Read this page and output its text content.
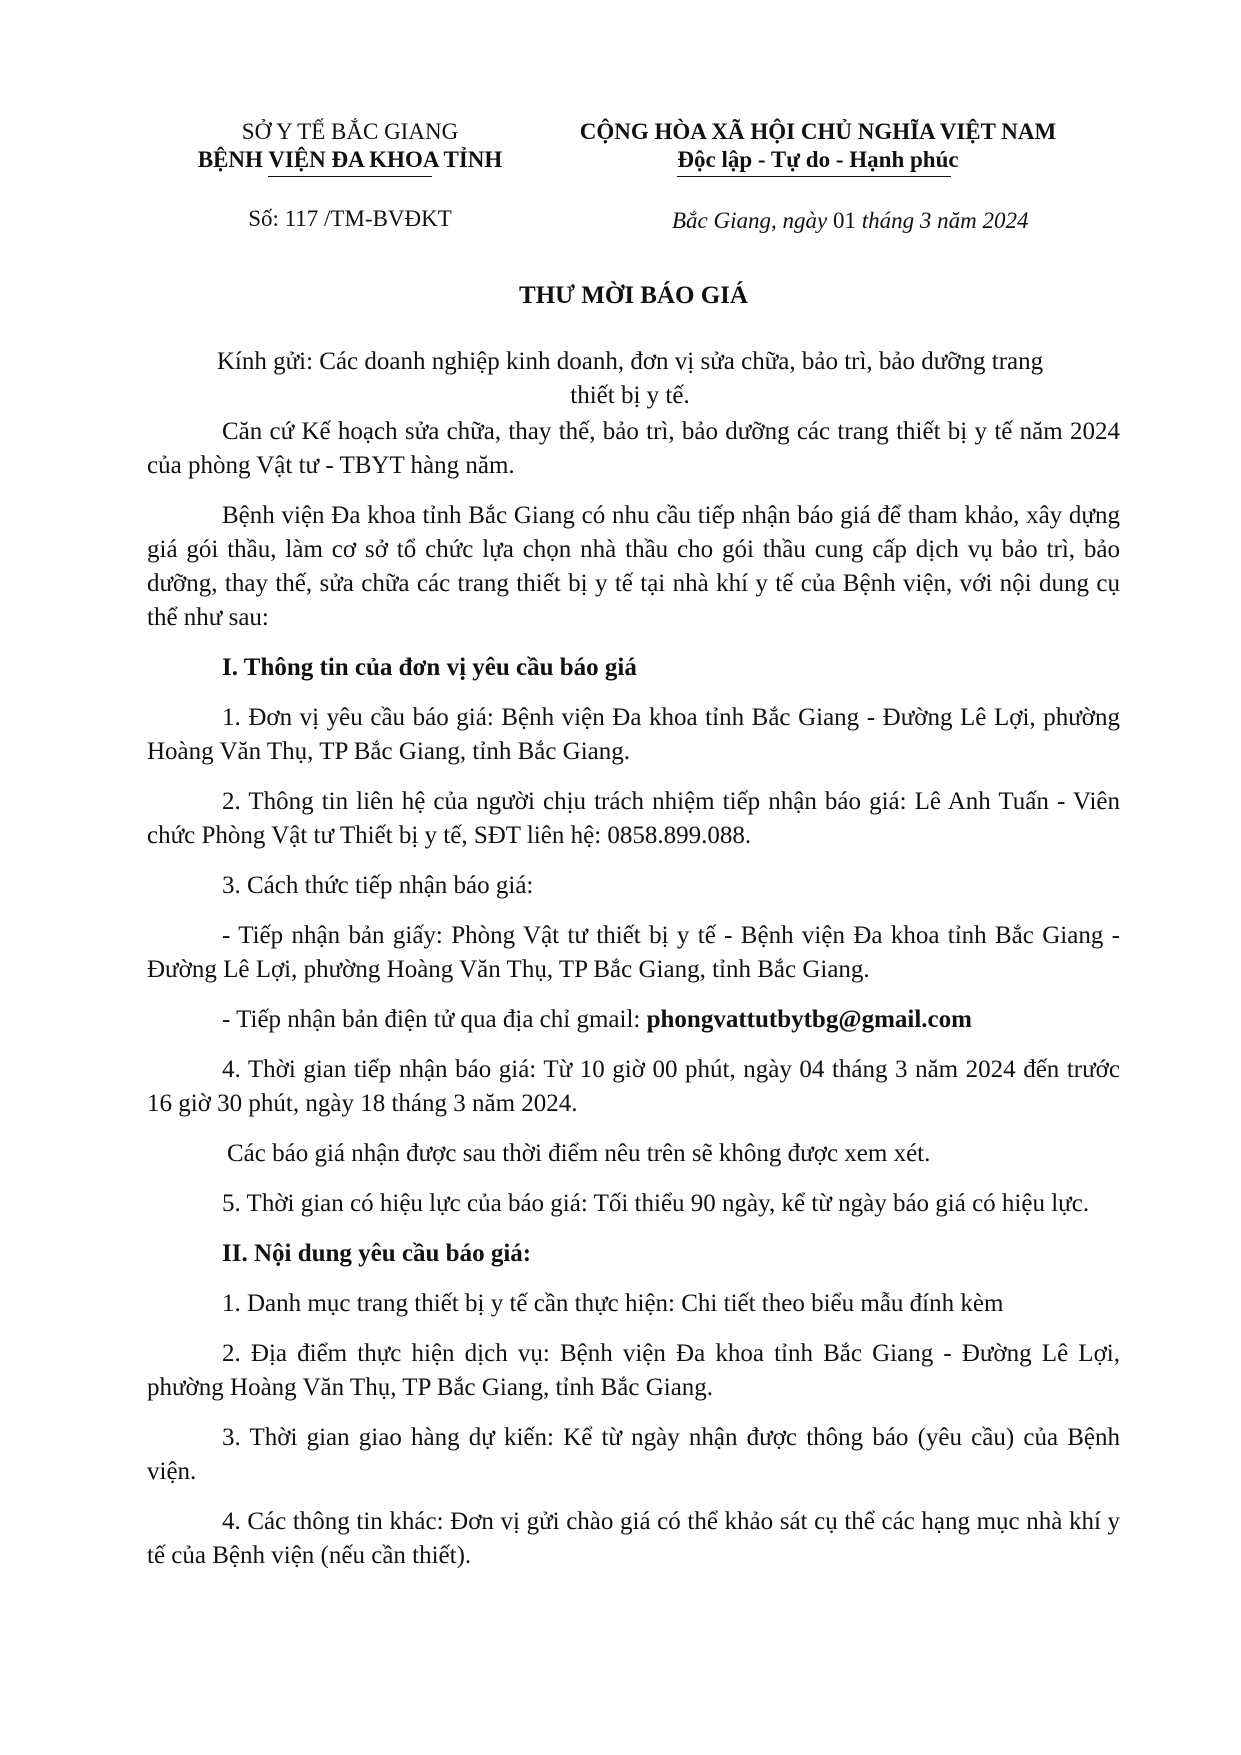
SỞ Y TẾ BẮC GIANG
BỆNH VIỆN ĐA KHOA TỈNH
CỘNG HÒA XÃ HỘI CHỦ NGHĨA VIỆT NAM
Độc lập - Tự do - Hạnh phúc
Số: 117 /TM-BVĐKT	Bắc Giang, ngày 01 tháng 3 năm 2024
THƯ MỜI BÁO GIÁ
Kính gửi: Các doanh nghiệp kinh doanh, đơn vị sửa chữa, bảo trì, bảo dưỡng trang
thiết bị y tế.

Căn cứ Kế hoạch sửa chữa, thay thế, bảo trì, bảo dưỡng các trang thiết bị y tế năm 2024 của phòng Vật tư - TBYT hàng năm.

Bệnh viện Đa khoa tỉnh Bắc Giang có nhu cầu tiếp nhận báo giá để tham khảo, xây dựng giá gói thầu, làm cơ sở tổ chức lựa chọn nhà thầu cho gói thầu cung cấp dịch vụ bảo trì, bảo dưỡng, thay thế, sửa chữa các trang thiết bị y tế tại nhà khí y tế của Bệnh viện, với nội dung cụ thể như sau:

I. Thông tin của đơn vị yêu cầu báo giá

1. Đơn vị yêu cầu báo giá: Bệnh viện Đa khoa tỉnh Bắc Giang - Đường Lê Lợi, phường Hoàng Văn Thụ, TP Bắc Giang, tỉnh Bắc Giang.

2. Thông tin liên hệ của người chịu trách nhiệm tiếp nhận báo giá: Lê Anh Tuấn - Viên chức Phòng Vật tư Thiết bị y tế, SĐT liên hệ: 0858.899.088.

3. Cách thức tiếp nhận báo giá:

- Tiếp nhận bản giấy: Phòng Vật tư thiết bị y tế - Bệnh viện Đa khoa tỉnh Bắc Giang - Đường Lê Lợi, phường Hoàng Văn Thụ, TP Bắc Giang, tỉnh Bắc Giang.

- Tiếp nhận bản điện tử qua địa chỉ gmail: phongvattutbytbg@gmail.com

4. Thời gian tiếp nhận báo giá: Từ 10 giờ 00 phút, ngày 04 tháng 3 năm 2024 đến trước 16 giờ 30 phút, ngày 18 tháng 3 năm 2024.

Các báo giá nhận được sau thời điểm nêu trên sẽ không được xem xét.

5. Thời gian có hiệu lực của báo giá: Tối thiểu 90 ngày, kể từ ngày báo giá có hiệu lực.

II. Nội dung yêu cầu báo giá:

1. Danh mục trang thiết bị y tế cần thực hiện: Chi tiết theo biểu mẫu đính kèm

2. Địa điểm thực hiện dịch vụ: Bệnh viện Đa khoa tỉnh Bắc Giang - Đường Lê Lợi, phường Hoàng Văn Thụ, TP Bắc Giang, tỉnh Bắc Giang.

3. Thời gian giao hàng dự kiến: Kể từ ngày nhận được thông báo (yêu cầu) của Bệnh viện.

4. Các thông tin khác: Đơn vị gửi chào giá có thể khảo sát cụ thể các hạng mục nhà khí y tế của Bệnh viện (nếu cần thiết).
